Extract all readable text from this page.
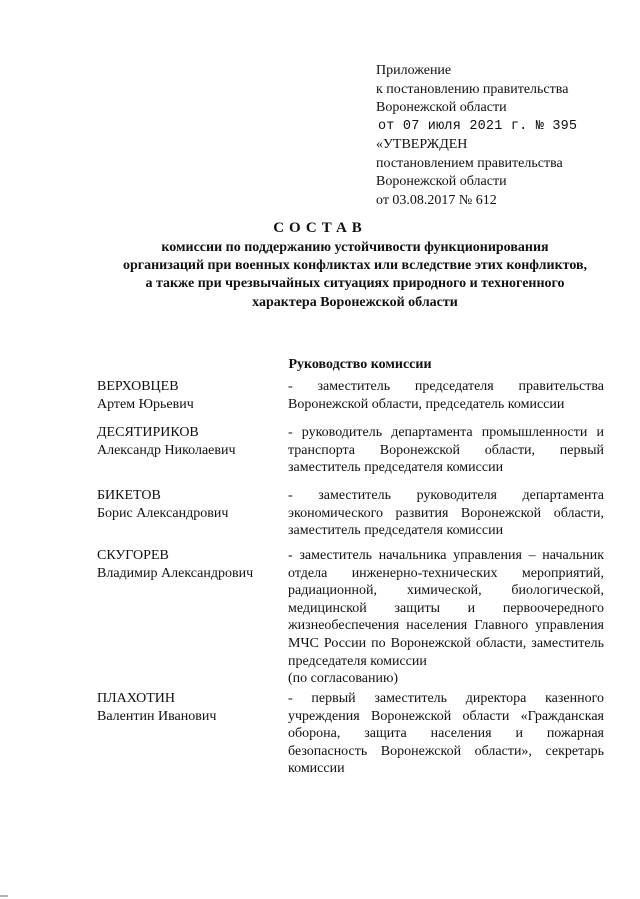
Приложение
к постановлению правительства
Воронежской области
от 07 июля 2021 г. № 395
«УТВЕРЖДЕН
постановлением правительства
Воронежской области
от 03.08.2017 № 612
СОСТАВ
комиссии по поддержанию устойчивости функционирования
организаций при военных конфликтах или вследствие этих конфликтов,
а также при чрезвычайных ситуациях природного и техногенного
характера Воронежской области
Руководство комиссии
ВЕРХОВЦЕВ
Артем Юрьевич
- заместитель председателя правительства Воронежской области, председатель комиссии
ДЕСЯТИРИКОВ
Александр Николаевич
- руководитель департамента промышленности и транспорта Воронежской области, первый заместитель председателя комиссии
БИКЕТОВ
Борис Александрович
- заместитель руководителя департамента экономического развития Воронежской области, заместитель председателя комиссии
СКУГОРЕВ
Владимир Александрович
- заместитель начальника управления – начальник отдела инженерно-технических мероприятий, радиационной, химической, биологической, медицинской защиты и первоочередного жизнеобеспечения населения Главного управления МЧС России по Воронежской области, заместитель председателя комиссии
(по согласованию)
ПЛАХОТИН
Валентин Иванович
- первый заместитель директора казенного учреждения Воронежской области «Гражданская оборона, защита населения и пожарная безопасность Воронежской области», секретарь комиссии
